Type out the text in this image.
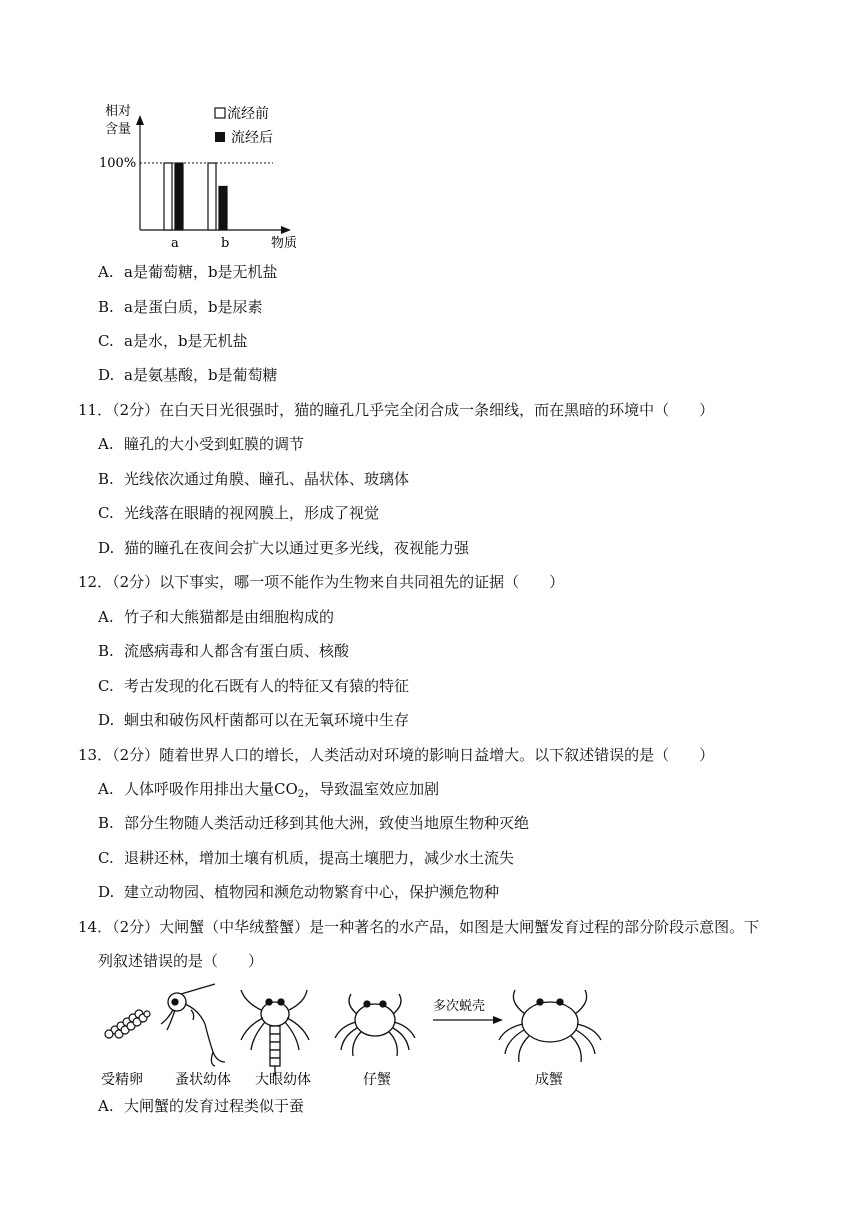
相对
含量
100%
a	b	物质
流经前
流经后
A. a是葡萄糖，b是无机盐
B. a是蛋白质，b是尿素
C. a是水，b是无机盐
D. a是氨基酸，b是葡萄糖
11．（2分）在白天日光很强时，猫的瞳孔几乎完全闭合成一条细线，而在黑暗的环境中（　　）
A. 瞳孔的大小受到虹膜的调节
B. 光线依次通过角膜、瞳孔、晶状体、玻璃体
C. 光线落在眼睛的视网膜上，形成了视觉
D. 猫的瞳孔在夜间会扩大以通过更多光线，夜视能力强
12．（2分）以下事实，哪一项不能作为生物来自共同祖先的证据（　　）
A. 竹子和大熊猫都是由细胞构成的
B. 流感病毒和人都含有蛋白质、核酸
C. 考古发现的化石既有人的特征又有猿的特征
D. 蛔虫和破伤风杆菌都可以在无氧环境中生存
13．（2分）随着世界人口的增长，人类活动对环境的影响日益增大。以下叙述错误的是（　　）
A. 人体呼吸作用排出大量$CO_2$，导致温室效应加剧
B. 部分生物随人类活动迁移到其他大洲，致使当地原生物种灭绝
C. 退耕还林，增加土壤有机质，提高土壤肥力，减少水土流失
D. 建立动物园、植物园和濒危动物繁育中心，保护濒危物种
14．（2分）大闸蟹（中华绒螯蟹）是一种著名的水产品，如图是大闸蟹发育过程的部分阶段示意图。下
列叙述错误的是（　　）
多次蜕壳
受精卵 蚤状幼体 大眼幼体	仔蟹	成蟹
A. 大闸蟹的发育过程类似于蚕
